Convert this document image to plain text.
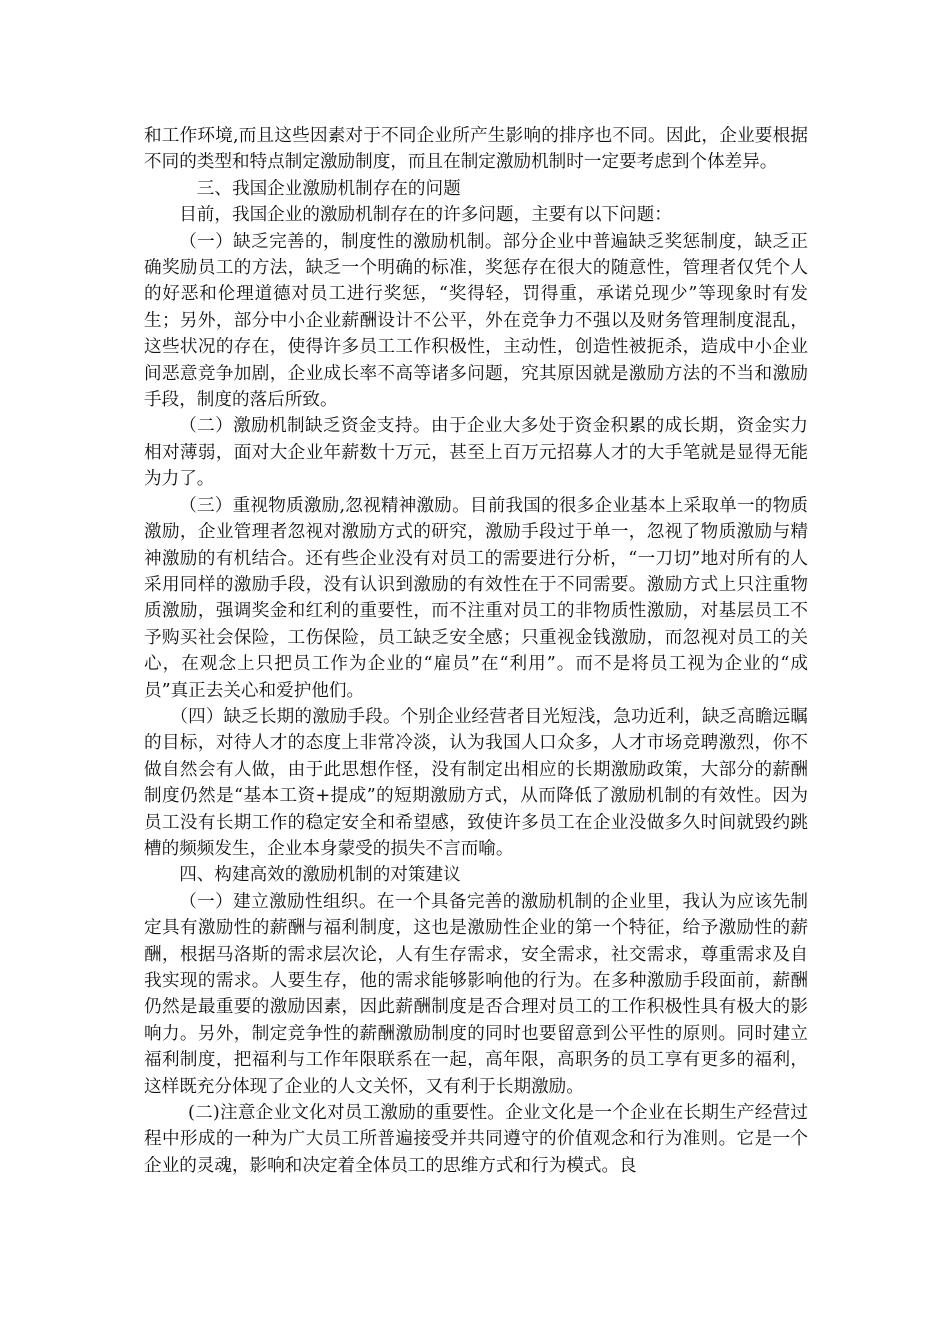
和工作环境,而且这些因素对于不同企业所产生影响的排序也不同。因此，企业要根据不同的类型和特点制定激励制度，而且在制定激励机制时一定要考虑到个体差异。

三、我国企业激励机制存在的问题

目前，我国企业的激励机制存在的许多问题，主要有以下问题：

（一）缺乏完善的，制度性的激励机制。部分企业中普遍缺乏奖惩制度，缺乏正确奖励员工的方法，缺乏一个明确的标准，奖惩存在很大的随意性，管理者仅凭个人的好恶和伦理道德对员工进行奖惩，“奖得轻，罚得重，承诺兑现少”等现象时有发生；另外，部分中小企业薪酬设计不公平，外在竞争力不强以及财务管理制度混乱，这些状况的存在，使得许多员工工作积极性，主动性，创造性被扼杀，造成中小企业间恶意竞争加剧，企业成长率不高等诸多问题，究其原因就是激励方法的不当和激励手段，制度的落后所致。

（二）激励机制缺乏资金支持。由于企业大多处于资金积累的成长期，资金实力相对薄弱，面对大企业年薪数十万元，甚至上百万元招募人才的大手笔就是显得无能为力了。

（三）重视物质激励,忽视精神激励。目前我国的很多企业基本上采取单一的物质激励，企业管理者忽视对激励方式的研究，激励手段过于单一，忽视了物质激励与精神激励的有机结合。还有些企业没有对员工的需要进行分析，“一刀切”地对所有的人采用同样的激励手段，没有认识到激励的有效性在于不同需要。激励方式上只注重物质激励，强调奖金和红利的重要性，而不注重对员工的非物质性激励，对基层员工不予购买社会保险，工伤保险，员工缺乏安全感；只重视金钱激励，而忽视对员工的关心，在观念上只把员工作为企业的“雇员”在“利用”。而不是将员工视为企业的“成员”真正去关心和爱护他们。

（四）缺乏长期的激励手段。个别企业经营者目光短浅，急功近利，缺乏高瞻远瞩的目标，对待人才的态度上非常冷淡，认为我国人口众多，人才市场竞聘激烈，你不做自然会有人做，由于此思想作怪，没有制定出相应的长期激励政策，大部分的薪酬制度仍然是“基本工资+提成”的短期激励方式，从而降低了激励机制的有效性。因为员工没有长期工作的稳定安全和希望感，致使许多员工在企业没做多久时间就毁约跳槽的频频发生，企业本身蒙受的损失不言而喻。

四、构建高效的激励机制的对策建议

（一）建立激励性组织。在一个具备完善的激励机制的企业里，我认为应该先制定具有激励性的薪酬与福利制度，这也是激励性企业的第一个特征，给予激励性的薪酬，根据马洛斯的需求层次论，人有生存需求，安全需求，社交需求，尊重需求及自我实现的需求。人要生存，他的需求能够影响他的行为。在多种激励手段面前，薪酬仍然是最重要的激励因素，因此薪酬制度是否合理对员工的工作积极性具有极大的影响力。另外，制定竞争性的薪酬激励制度的同时也要留意到公平性的原则。同时建立福利制度，把福利与工作年限联系在一起，高年限，高职务的员工享有更多的福利，这样既充分体现了企业的人文关怀，又有利于长期激励。

(二)注意企业文化对员工激励的重要性。企业文化是一个企业在长期生产经营过程中形成的一种为广大员工所普遍接受并共同遵守的价值观念和行为准则。它是一个企业的灵魂，影响和决定着全体员工的思维方式和行为模式。良
